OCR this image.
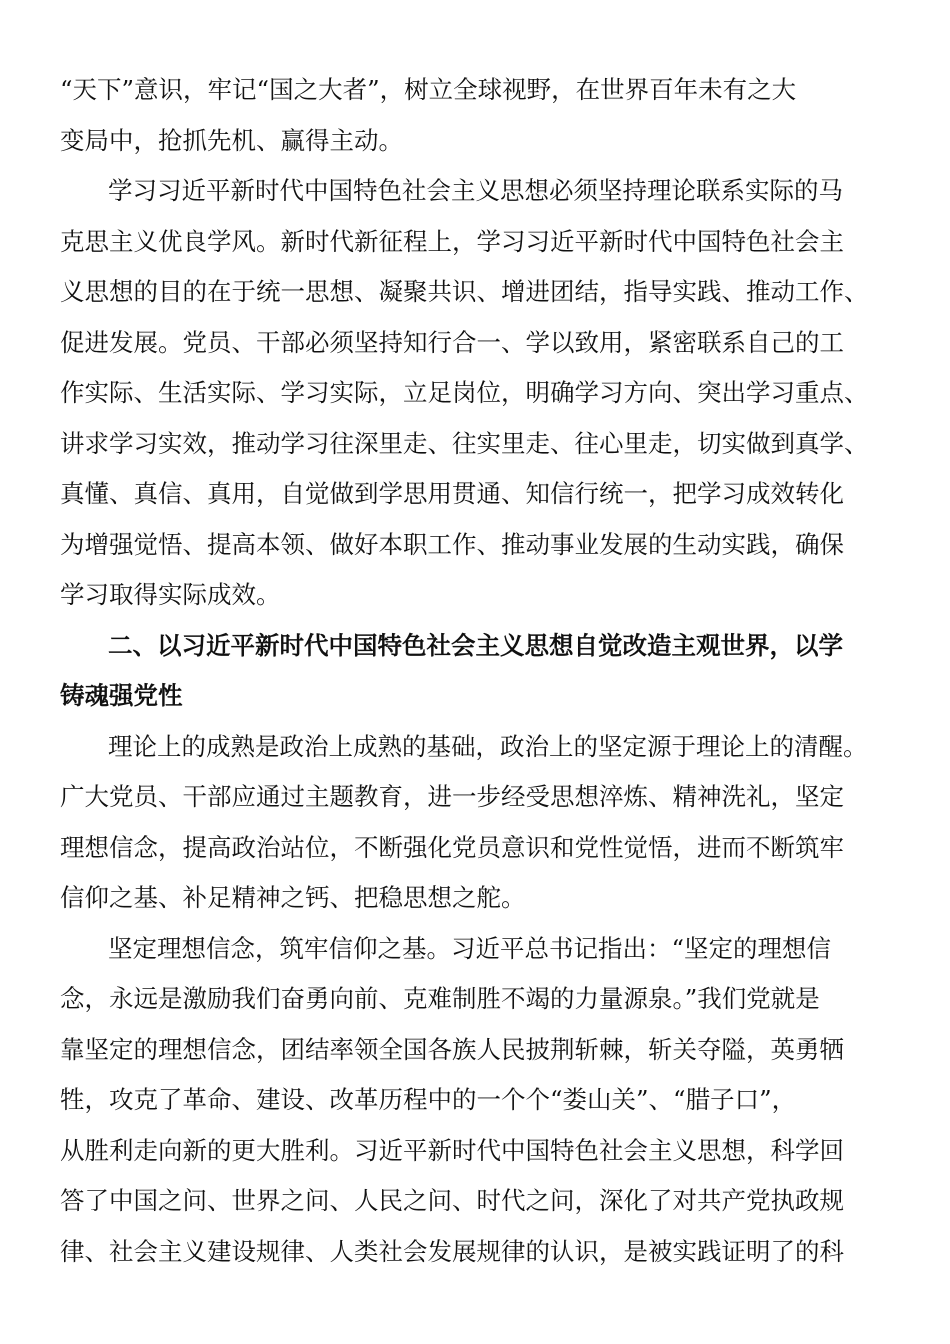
“天下”意识，牢记“国之大者”，树立全球视野，在世界百年未有之大
变局中，抢抓先机、赢得主动。
学习习近平新时代中国特色社会主义思想必须坚持理论联系实际的马
克思主义优良学风。新时代新征程上，学习习近平新时代中国特色社会主
义思想的目的在于统一思想、凝聚共识、增进团结，指导实践、推动工作、
促进发展。党员、干部必须坚持知行合一、学以致用，紧密联系自己的工
作实际、生活实际、学习实际，立足岗位，明确学习方向、突出学习重点、
讲求学习实效，推动学习往深里走、往实里走、往心里走，切实做到真学、
真懂、真信、真用，自觉做到学思用贯通、知信行统一，把学习成效转化
为增强觉悟、提高本领、做好本职工作、推动事业发展的生动实践，确保
学习取得实际成效。
二、以习近平新时代中国特色社会主义思想自觉改造主观世界，以学
铸魂强党性
理论上的成熟是政治上成熟的基础，政治上的坚定源于理论上的清醒。
广大党员、干部应通过主题教育，进一步经受思想淬炼、精神洗礼，坚定
理想信念，提高政治站位，不断强化党员意识和党性觉悟，进而不断筑牢
信仰之基、补足精神之钙、把稳思想之舵。
坚定理想信念，筑牢信仰之基。习近平总书记指出：“坚定的理想信
念，永远是激励我们奋勇向前、克难制胜不竭的力量源泉。”我们党就是
靠坚定的理想信念，团结率领全国各族人民披荆斩棘，斩关夺隘，英勇牺
牲，攻克了革命、建设、改革历程中的一个个“娄山关”、“腊子口”，
从胜利走向新的更大胜利。习近平新时代中国特色社会主义思想，科学回
答了中国之问、世界之问、人民之问、时代之问，深化了对共产党执政规
律、社会主义建设规律、人类社会发展规律的认识，是被实践证明了的科
